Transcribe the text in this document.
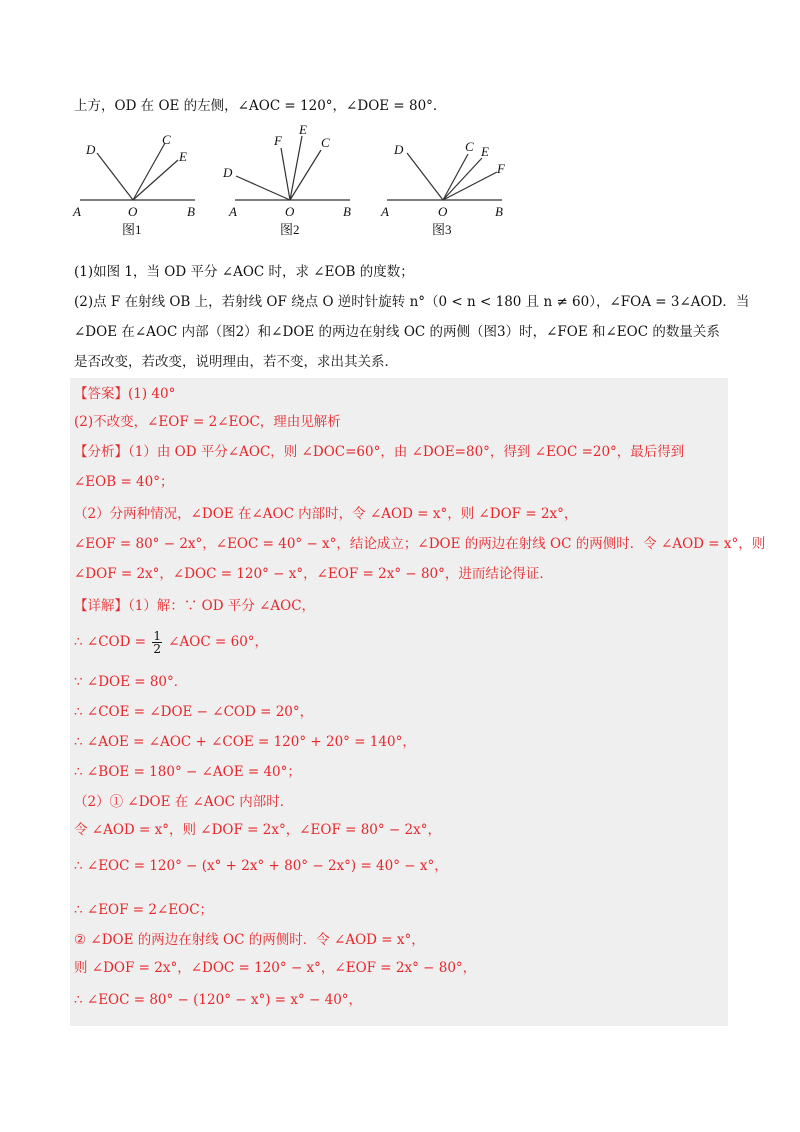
上方，OD 在 OE 的左侧，∠AOC = 120°，∠DOE = 80°．
A	O	B
D
C
E
A	O	B
D
F
E
C
A	O	B
D	C E
F
图1	图2	图3
(1)如图 1，当 OD 平分 ∠AOC 时，求 ∠EOB 的度数；
(2)点 F 在射线 OB 上，若射线 OF 绕点 O 逆时针旋转 n°（0 < n < 180 且 n ≠ 60），∠FOA = 3∠AOD．当
∠DOE 在∠AOC 内部（图2）和∠DOE 的两边在射线 OC 的两侧（图3）时，∠FOE 和∠EOC 的数量关系
是否改变，若改变，说明理由，若不变，求出其关系．
【答案】(1) 40°
(2)不改变，∠EOF = 2∠EOC，理由见解析
【分析】（1）由 OD 平分∠AOC，则 ∠DOC=60°，由 ∠DOE=80°，得到 ∠EOC =20°，最后得到
∠EOB = 40°；
（2）分两种情况，∠DOE 在∠AOC 内部时，令 ∠AOD = x°，则 ∠DOF = 2x°，
∠EOF = 80° − 2x°，∠EOC = 40° − x°，结论成立；∠DOE 的两边在射线 OC 的两侧时．令 ∠AOD = x°，则
∠DOF = 2x°，∠DOC = 120° − x°，∠EOF = 2x° − 80°，进而结论得证．
【详解】（1）解：∵ OD 平分 ∠AOC，
∴ ∠COD = $\frac{1}{2}$ ∠AOC = 60°，
∵ ∠DOE = 80°．
∴ ∠COE = ∠DOE − ∠COD = 20°，
∴ ∠AOE = ∠AOC + ∠COE = 120° + 20° = 140°，
∴ ∠BOE = 180° − ∠AOE = 40°；
（2）① ∠DOE 在 ∠AOC 内部时．
令 ∠AOD = x°，则 ∠DOF = 2x°，∠EOF = 80° − 2x°，
∴ ∠EOC = 120° − (x° + 2x° + 80° − 2x°) = 40° − x°，
∴ ∠EOF = 2∠EOC；
② ∠DOE 的两边在射线 OC 的两侧时．令 ∠AOD = x°，
则 ∠DOF = 2x°，∠DOC = 120° − x°，∠EOF = 2x° − 80°，
∴ ∠EOC = 80° − (120° − x°) = x° − 40°，
